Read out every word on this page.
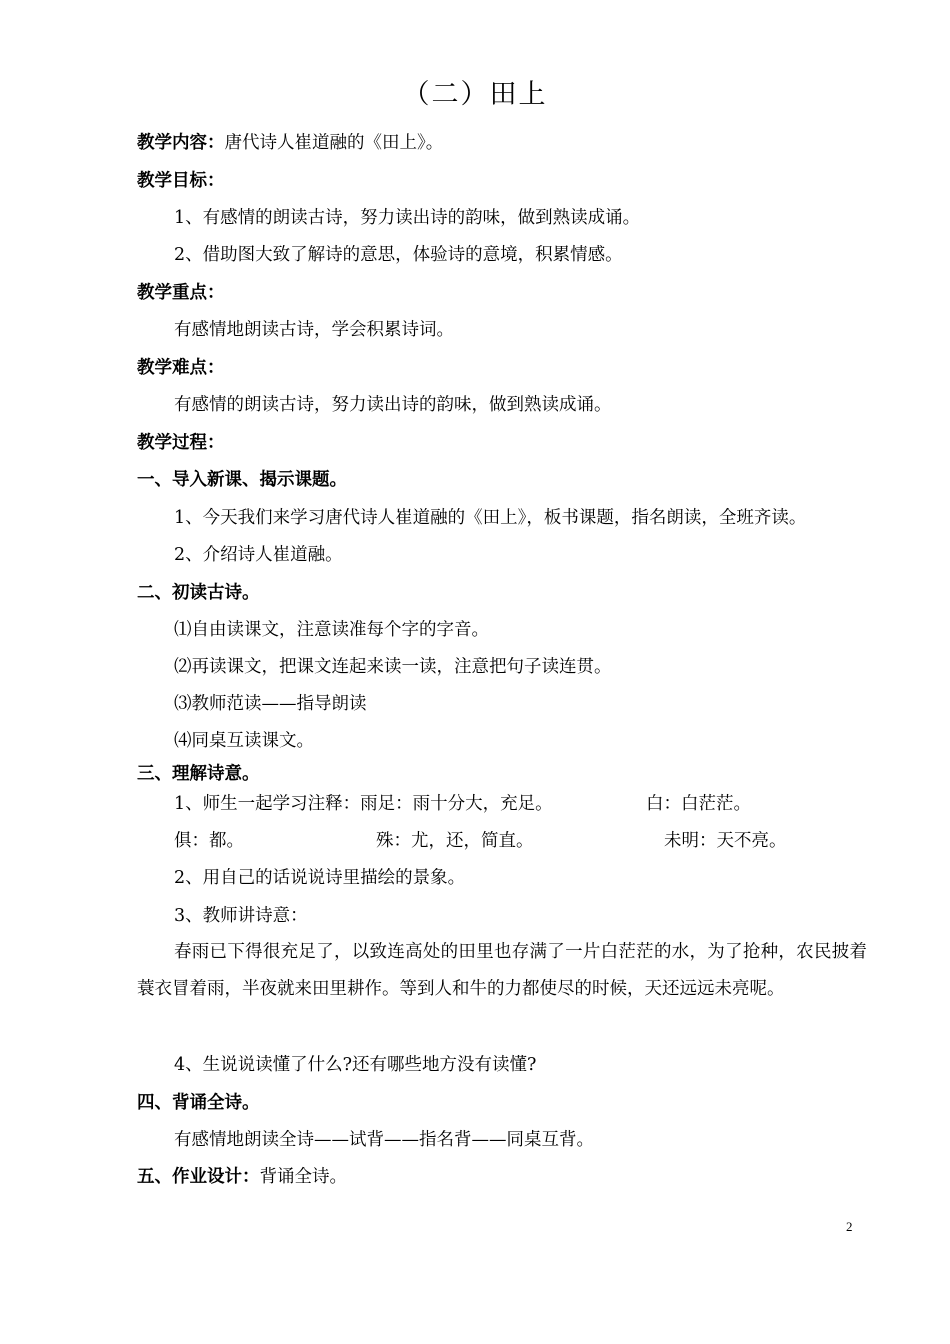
（二）田上

教学内容：唐代诗人崔道融的《田上》。

教学目标：

1、有感情的朗读古诗，努力读出诗的韵味，做到熟读成诵。

2、借助图大致了解诗的意思，体验诗的意境，积累情感。

教学重点：

有感情地朗读古诗，学会积累诗词。

教学难点：

有感情的朗读古诗，努力读出诗的韵味，做到熟读成诵。

教学过程：

一、导入新课、揭示课题。

1、今天我们来学习唐代诗人崔道融的《田上》，板书课题，指名朗读，全班齐读。

2、介绍诗人崔道融。

二、初读古诗。

⑴自由读课文，注意读准每个字的字音。

⑵再读课文，把课文连起来读一读，注意把句子读连贯。

⑶教师范读——指导朗读

⑷同桌互读课文。

三、理解诗意。

1、师生一起学习注释：雨足：雨十分大，充足。	白：白茫茫。
俱：都。	殊：尤，还，简直。	未明：天不亮。

2、用自己的话说说诗里描绘的景象。

3、教师讲诗意：

春雨已下得很充足了，以致连高处的田里也存满了一片白茫茫的水，为了抢种，农民披着蓑衣冒着雨，半夜就来田里耕作。等到人和牛的力都使尽的时候，天还远远未亮呢。

4、生说说读懂了什么?还有哪些地方没有读懂?

四、背诵全诗。

有感情地朗读全诗——试背——指名背——同桌互背。

五、作业设计：背诵全诗。

2
